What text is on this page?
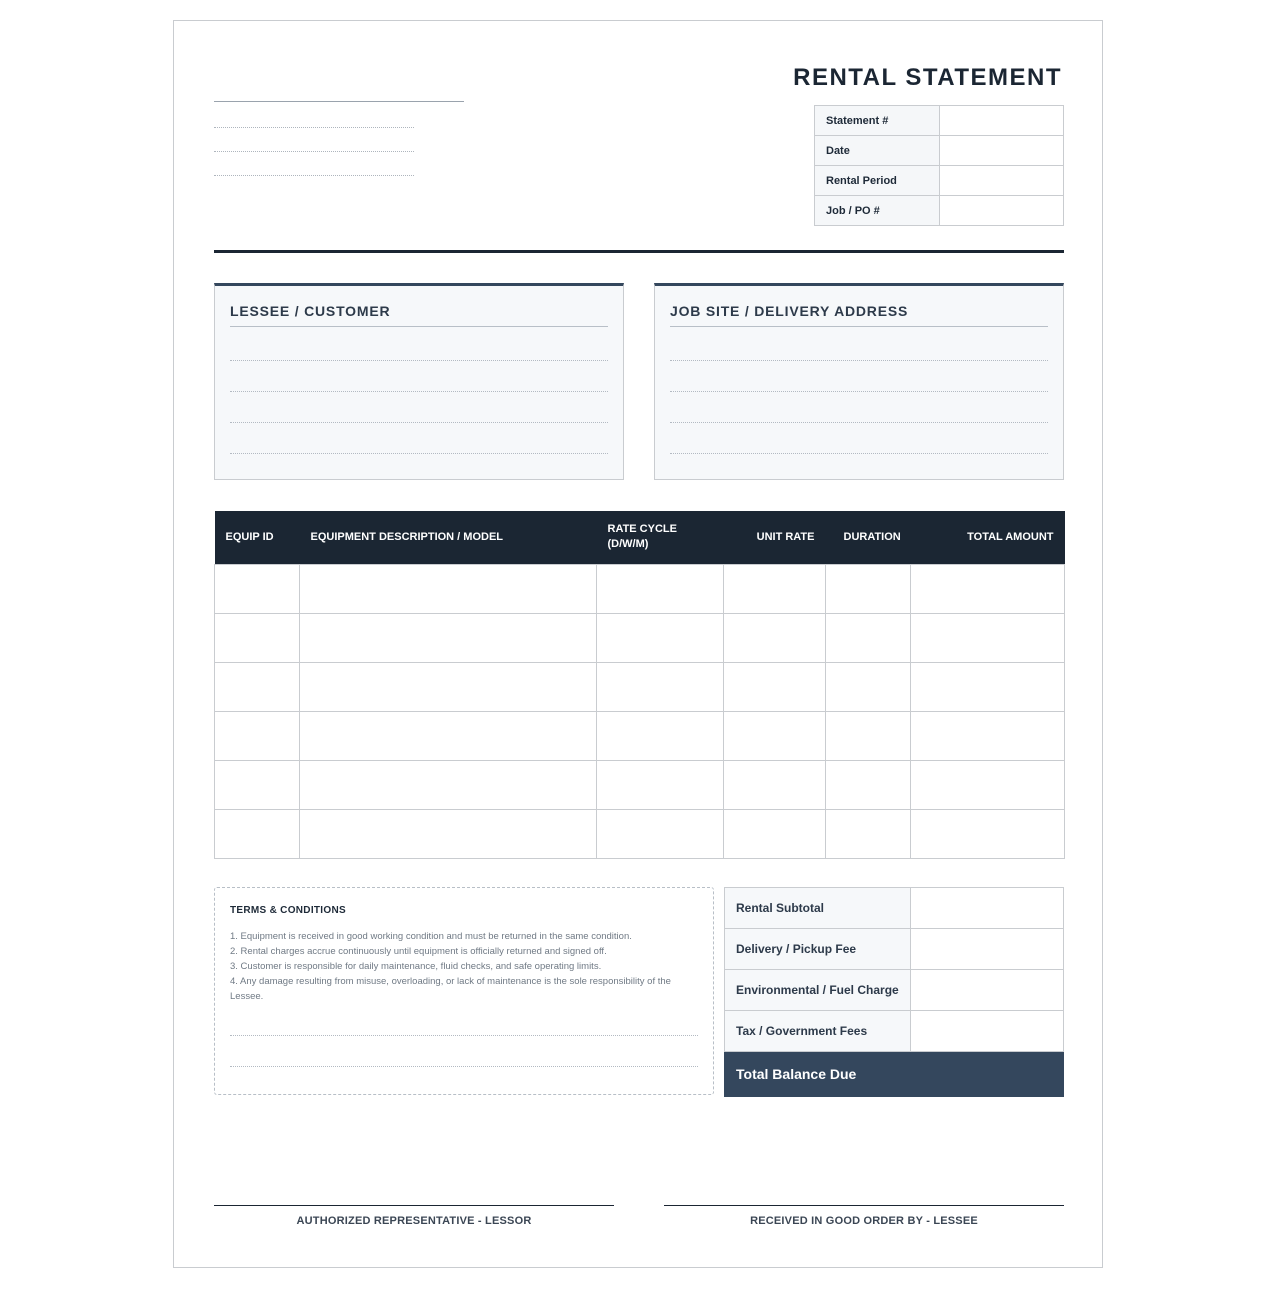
RENTAL STATEMENT
Statement #	
Date	
Rental Period	
Job / PO #	
LESSEE / CUSTOMER	JOB SITE / DELIVERY ADDRESS
EQUIP ID	EQUIPMENT DESCRIPTION / MODEL	RATE CYCLE (D/W/M)	UNIT RATE	DURATION	TOTAL AMOUNT

TERMS & CONDITIONS
1. Equipment is received in good working condition and must be returned in the same condition.
2. Rental charges accrue continuously until equipment is officially returned and signed off.
3. Customer is responsible for daily maintenance, fluid checks, and safe operating limits.
4. Any damage resulting from misuse, overloading, or lack of maintenance is the sole responsibility of the Lessee.
Rental Subtotal	
Delivery / Pickup Fee	
Environmental / Fuel Charge	
Tax / Government Fees	
Total Balance Due	
AUTHORIZED REPRESENTATIVE - LESSOR	RECEIVED IN GOOD ORDER BY - LESSEE
